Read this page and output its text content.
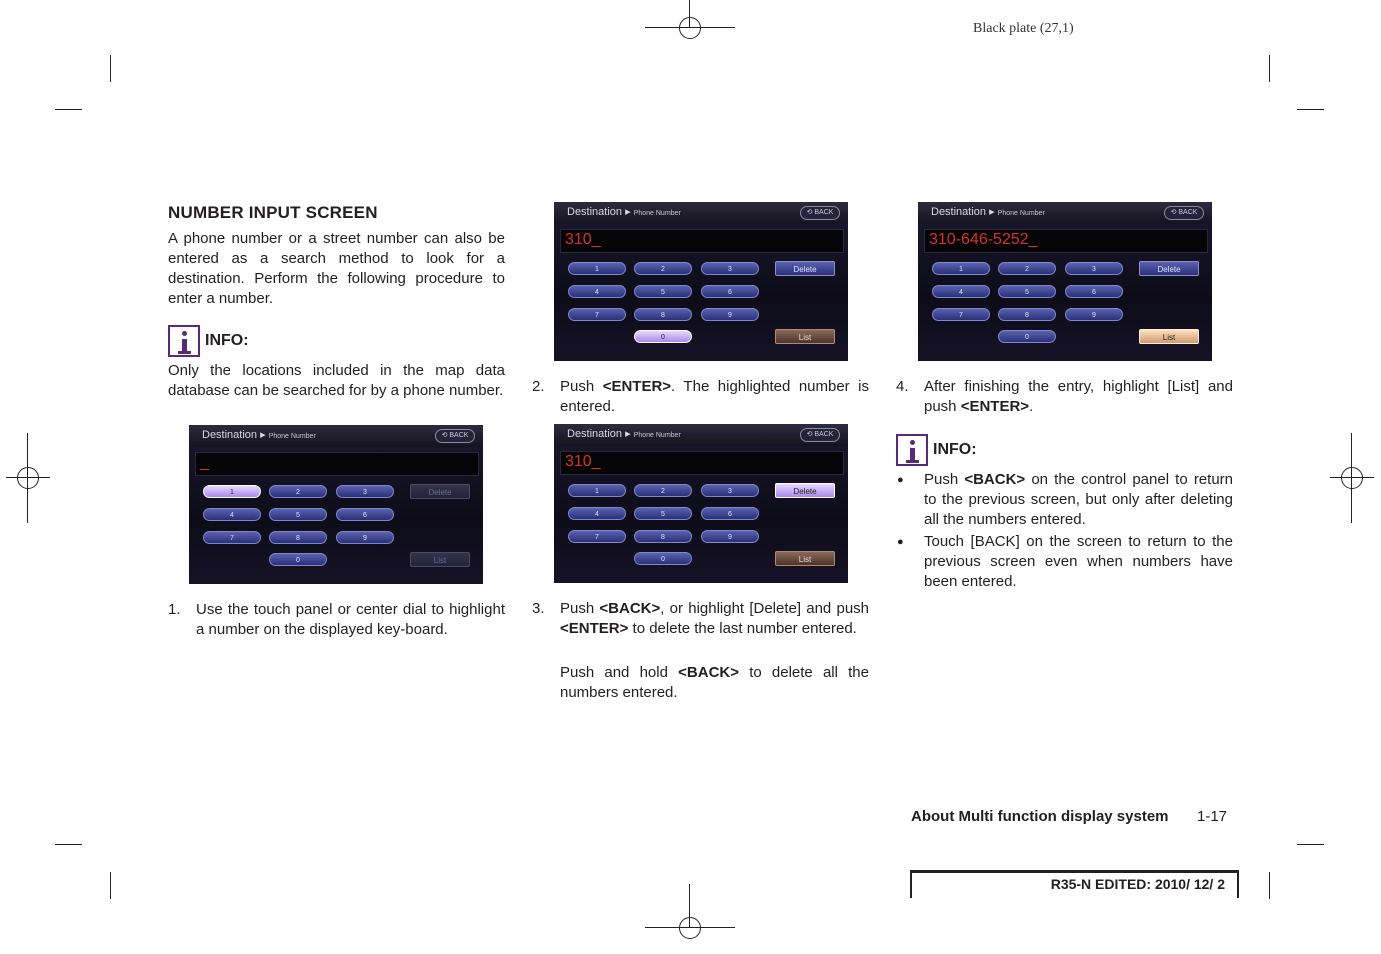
Black plate (27,1)
NUMBER INPUT SCREEN
A phone number or a street number can also be entered as a search method to look for a destination. Perform the following procedure to enter a number.
INFO:
Only the locations included in the map data database can be searched for by a phone number.
Destination ▸ Phone Number	⟲ BACK
_
1	2	3
4	5	6
7	8	9
0
Delete
List
1. Use the touch panel or center dial to highlight a number on the displayed key-board.
Destination ▸ Phone Number	⟲ BACK
310_
1	2	3
4	5	6
7	8	9
0
Delete
List
2. Push <ENTER>. The highlighted number is entered.
Destination ▸ Phone Number	⟲ BACK
310_
1	2	3
4	5	6
7	8	9
0
Delete
List
3. Push <BACK>, or highlight [Delete] and push <ENTER> to delete the last number entered.
Push and hold <BACK> to delete all the numbers entered.
Destination ▸ Phone Number	⟲ BACK
310-646-5252_
1	2	3
4	5	6
7	8	9
0
Delete
List
4. After finishing the entry, highlight [List] and push <ENTER>.
INFO:
● Push <BACK> on the control panel to return to the previous screen, but only after deleting all the numbers entered.
● Touch [BACK] on the screen to return to the previous screen even when numbers have been entered.
About Multi function display system 1-17
R35-N EDITED: 2010/ 12/ 2
